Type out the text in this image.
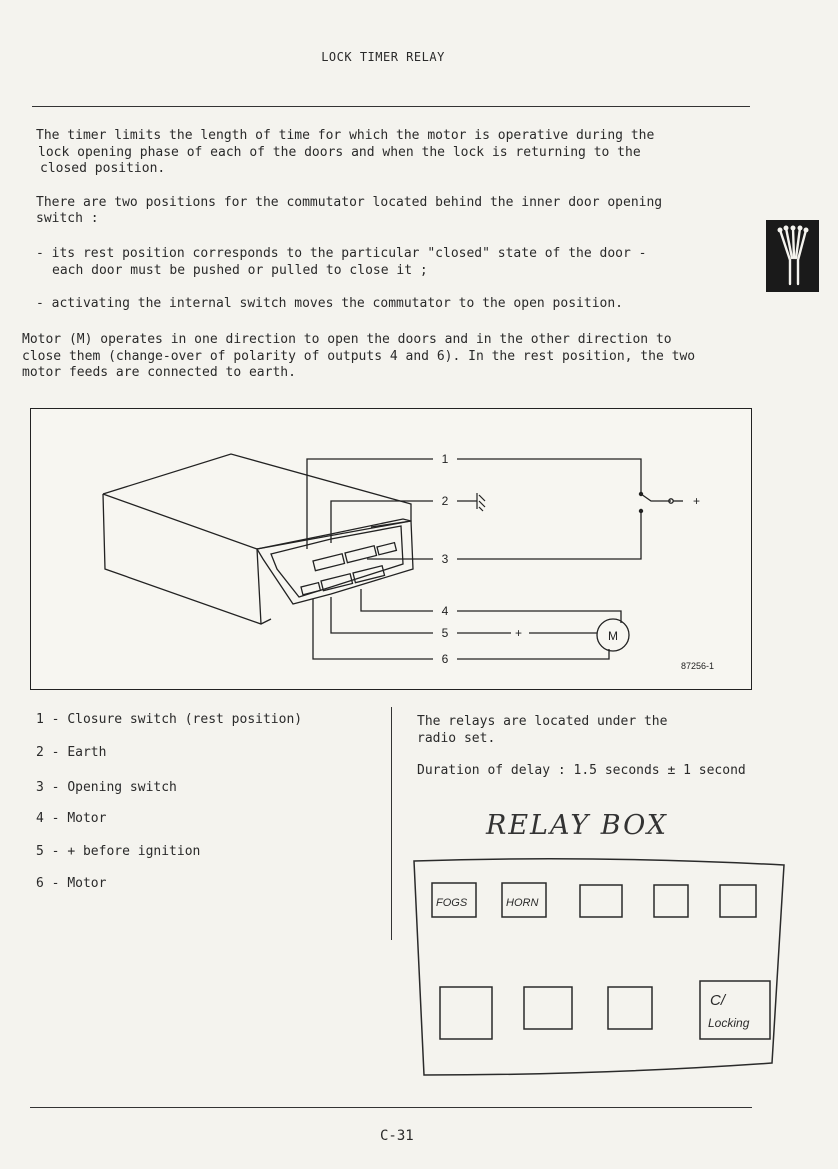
LOCK TIMER RELAY
The timer limits the length of time for which the motor is operative during the
lock opening phase of each of the doors and when the lock is returning to the
closed position.
There are two positions for the commutator located behind the inner door opening
switch :
- its rest position corresponds to the particular "closed" state of the door -
each door must be pushed or pulled to close it ;
- activating the internal switch moves the commutator to the open position.
Motor (M) operates in one direction to open the doors and in the other direction to
close them (change-over of polarity of outputs 4 and 6). In the rest position, the two
motor feeds are connected to earth.
1
2
3
4
5
6
+
+	M
87256-1
1 - Closure switch (rest position)
2 - Earth
3 - Opening switch
4 - Motor
5 - + before ignition
6 - Motor
The relays are located under the
radio set.
Duration of delay : 1.5 seconds ± 1 second
RELAY BOX
FOGS	HORN
C/
Locking
C-31
